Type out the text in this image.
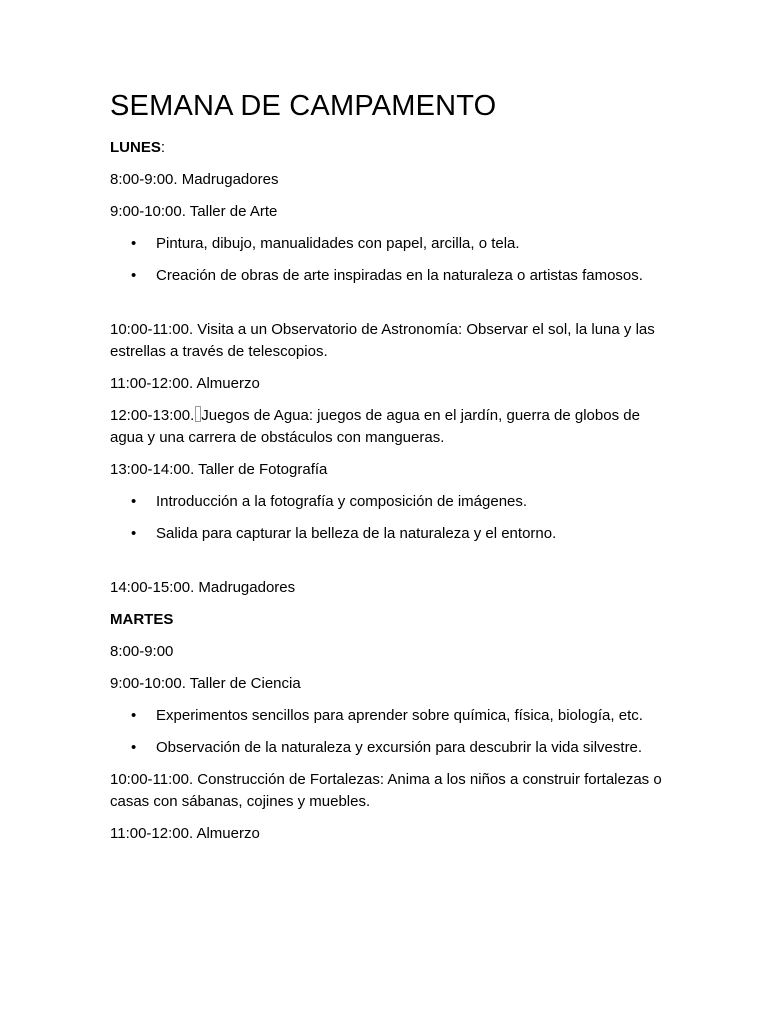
SEMANA DE CAMPAMENTO
LUNES:
8:00-9:00. Madrugadores
9:00-10:00. Taller de Arte
• Pintura, dibujo, manualidades con papel, arcilla, o tela.
• Creación de obras de arte inspiradas en la naturaleza o artistas famosos.
10:00-11:00. Visita a un Observatorio de Astronomía: Observar el sol, la luna y las estrellas a través de telescopios.
11:00-12:00. Almuerzo
12:00-13:00. Juegos de Agua: juegos de agua en el jardín, guerra de globos de agua y una carrera de obstáculos con mangueras.
13:00-14:00. Taller de Fotografía
• Introducción a la fotografía y composición de imágenes.
• Salida para capturar la belleza de la naturaleza y el entorno.
14:00-15:00. Madrugadores
MARTES
8:00-9:00
9:00-10:00. Taller de Ciencia
• Experimentos sencillos para aprender sobre química, física, biología, etc.
• Observación de la naturaleza y excursión para descubrir la vida silvestre.
10:00-11:00. Construcción de Fortalezas: Anima a los niños a construir fortalezas o casas con sábanas, cojines y muebles.
11:00-12:00. Almuerzo
